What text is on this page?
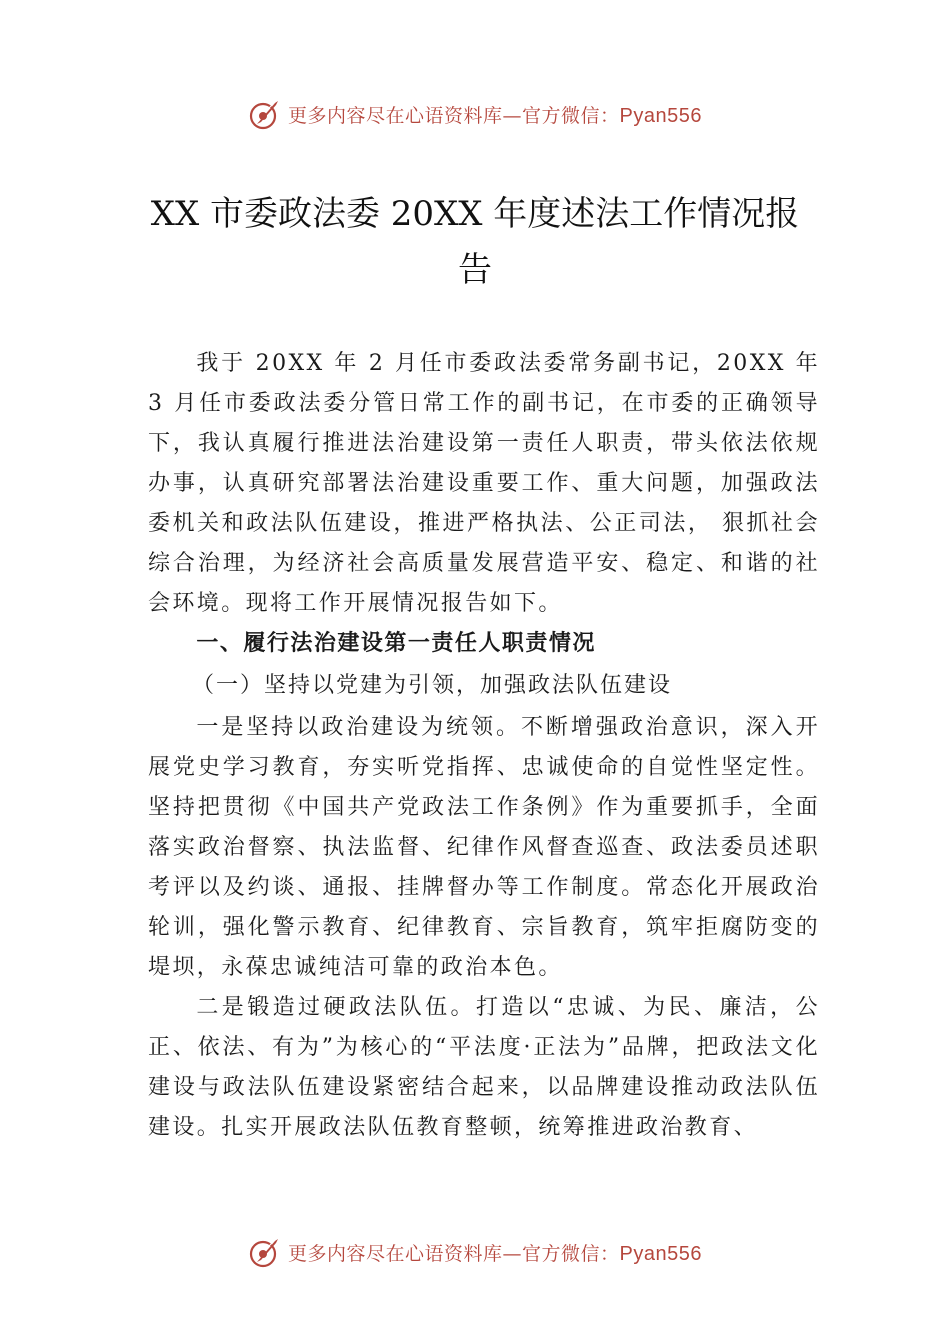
更多内容尽在心语资料库—官方微信：Pyan556
XX 市委政法委 20XX 年度述法工作情况报告

我于 20XX 年 2 月任市委政法委常务副书记，20XX 年 3 月任市委政法委分管日常工作的副书记，在市委的正确领导下，我认真履行推进法治建设第一责任人职责，带头依法依规办事，认真研究部署法治建设重要工作、重大问题，加强政法委机关和政法队伍建设，推进严格执法、公正司法， 狠抓社会综合治理，为经济社会高质量发展营造平安、稳定、和谐的社会环境。现将工作开展情况报告如下。

一、履行法治建设第一责任人职责情况

（一）坚持以党建为引领，加强政法队伍建设

一是坚持以政治建设为统领。不断增强政治意识，深入开展党史学习教育，夯实听党指挥、忠诚使命的自觉性坚定性。坚持把贯彻《中国共产党政法工作条例》作为重要抓手，全面落实政治督察、执法监督、纪律作风督查巡查、政法委员述职考评以及约谈、通报、挂牌督办等工作制度。常态化开展政治轮训，强化警示教育、纪律教育、宗旨教育，筑牢拒腐防变的堤坝，永葆忠诚纯洁可靠的政治本色。

二是锻造过硬政法队伍。打造以“忠诚、为民、廉洁，公正、依法、有为”为核心的“平法度·正法为”品牌，把政法文化建设与政法队伍建设紧密结合起来，以品牌建设推动政法队伍建设。扎实开展政法队伍教育整顿，统筹推进政治教育、

更多内容尽在心语资料库—官方微信：Pyan556
